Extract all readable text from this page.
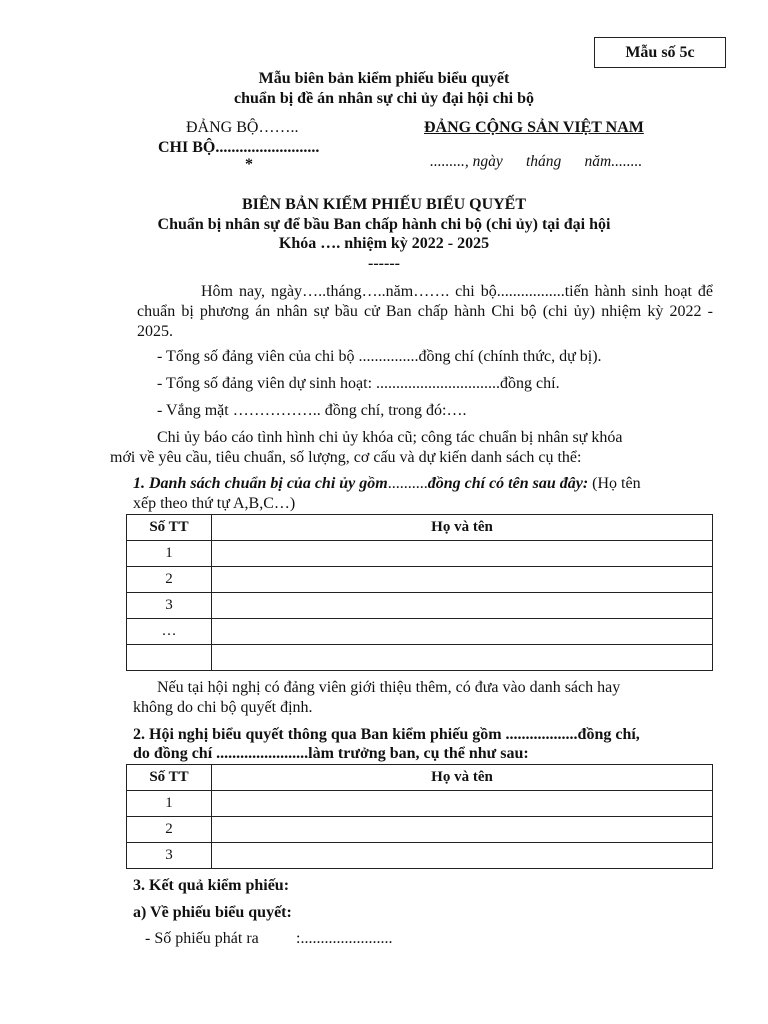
Mẫu số 5c
Mẫu biên bản kiểm phiếu biểu quyết
chuẩn bị đề án nhân sự chi ủy đại hội chi bộ
ĐẢNG BỘ……..	ĐẢNG CỘNG SẢN VIỆT NAM
CHI BỘ..........................
*	........., ngày      tháng      năm........
BIÊN BẢN KIỂM PHIẾU BIỂU QUYẾT
Chuẩn bị nhân sự để bầu Ban chấp hành chi bộ (chi ủy) tại đại hội
Khóa …. nhiệm kỳ 2022 - 2025
------
Hôm nay, ngày…..tháng…..năm……. chi bộ.................tiến hành sinh hoạt để chuẩn bị phương án nhân sự bầu cử Ban chấp hành Chi bộ (chi ủy) nhiệm kỳ 2022 - 2025.
- Tổng số đảng viên của chi bộ ...............đồng chí (chính thức, dự bị).
- Tổng số đảng viên dự sinh hoạt: ...............................đồng chí.
- Vắng mặt …………….. đồng chí, trong đó:….
Chi ủy báo cáo tình hình chi ủy khóa cũ; công tác chuẩn bị nhân sự khóa
mới về yêu cầu, tiêu chuẩn, số lượng, cơ cấu và dự kiến danh sách cụ thể:
1. Danh sách chuẩn bị của chi ủy gồm..........đồng chí có tên sau đây: (Họ tên
xếp theo thứ tự A,B,C…)
Số TT	Họ và tên
1	
2	
3	
…	

Nếu tại hội nghị có đảng viên giới thiệu thêm, có đưa vào danh sách hay
không do chi bộ quyết định.
2. Hội nghị biểu quyết thông qua Ban kiểm phiếu gồm ..................đồng chí,
do đồng chí .......................làm trưởng ban, cụ thể như sau:
Số TT	Họ và tên
1	
2	
3	
3. Kết quả kiểm phiếu:
a) Về phiếu biểu quyết:
- Số phiếu phát ra :.......................
